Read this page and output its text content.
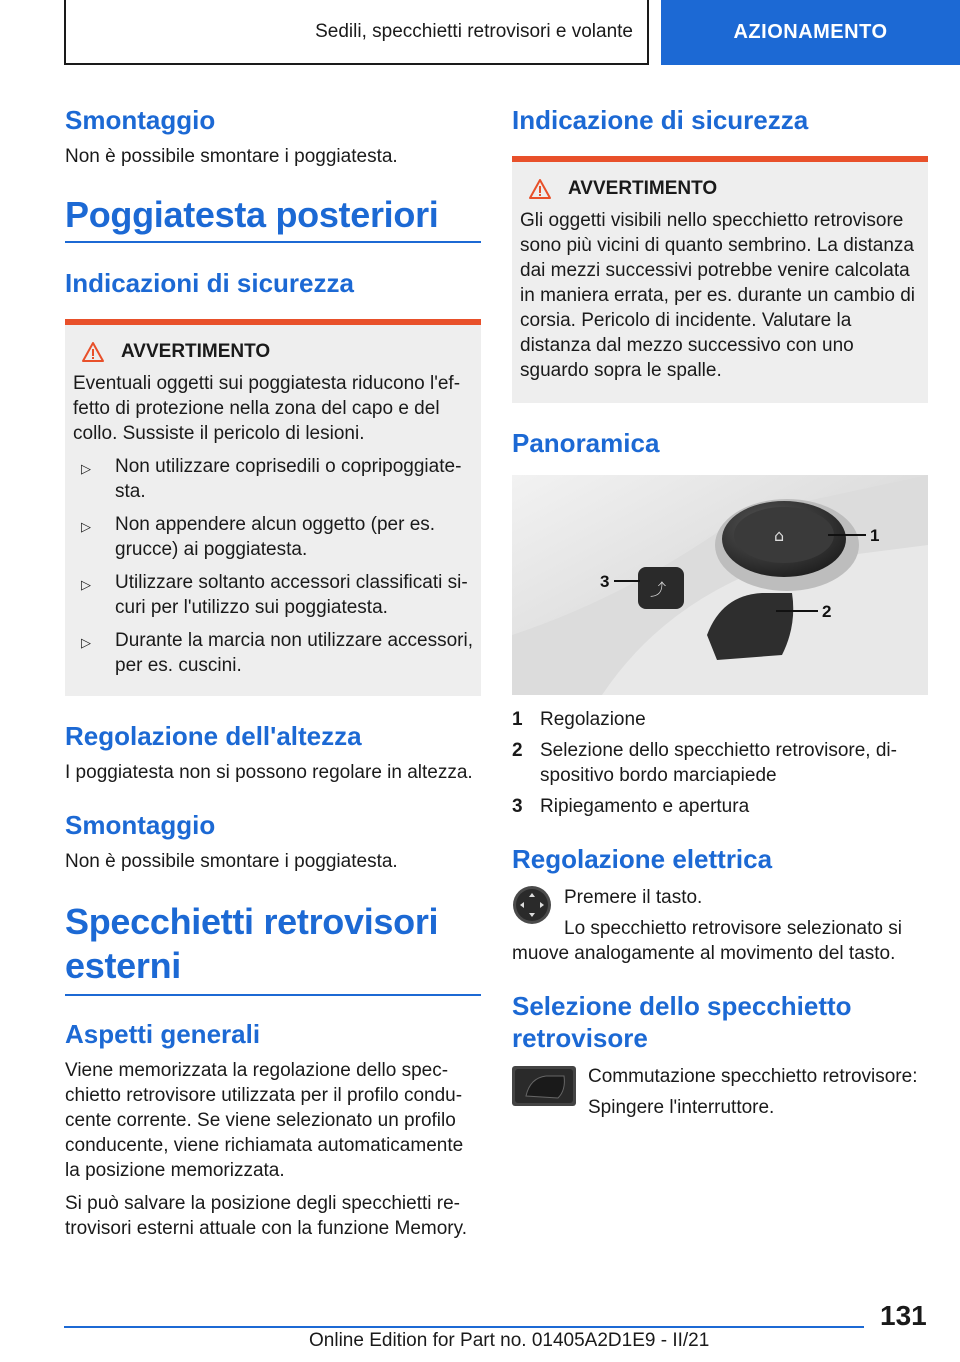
Sedili, specchietti retrovisori e volante	AZIONAMENTO
Smontaggio
Non è possibile smontare i poggiatesta.
Poggiatesta posteriori
Indicazioni di sicurezza
AVVERTIMENTO
Eventuali oggetti sui poggiatesta riducono l'ef-fetto di protezione nella zona del capo e del collo. Sussiste il pericolo di lesioni.
▷	Non utilizzare coprisedili o copripoggiate-sta.
▷	Non appendere alcun oggetto (per es. grucce) ai poggiatesta.
▷	Utilizzare soltanto accessori classificati si-curi per l'utilizzo sui poggiatesta.
▷	Durante la marcia non utilizzare accessori, per es. cuscini.
Regolazione dell'altezza
I poggiatesta non si possono regolare in altezza.
Smontaggio
Non è possibile smontare i poggiatesta.
Specchietti retrovisori
esterni
Aspetti generali
Viene memorizzata la regolazione dello spec-chietto retrovisore utilizzata per il profilo condu-cente corrente. Se viene selezionato un profilo conducente, viene richiamata automaticamente la posizione memorizzata.
Si può salvare la posizione degli specchietti re-trovisori esterni attuale con la funzione Memory.
Indicazione di sicurezza
AVVERTIMENTO
Gli oggetti visibili nello specchietto retrovisore sono più vicini di quanto sembrino. La distanza dai mezzi successivi potrebbe venire calcolata in maniera errata, per es. durante un cambio di corsia. Pericolo di incidente. Valutare la distanza dal mezzo successivo con uno sguardo sopra le spalle.
Panoramica
⌂
⤴
1
2
3
1 Regolazione
2 Selezione dello specchietto retrovisore, di-spositivo bordo marciapiede
3 Ripiegamento e apertura
Regolazione elettrica
Premere il tasto.
Lo specchietto retrovisore selezionato si muove analogamente al movimento del tasto.
Selezione dello specchietto
retrovisore
Commutazione specchietto retrovisore:
Spingere l'interruttore.
131
Online Edition for Part no. 01405A2D1E9 - II/21
